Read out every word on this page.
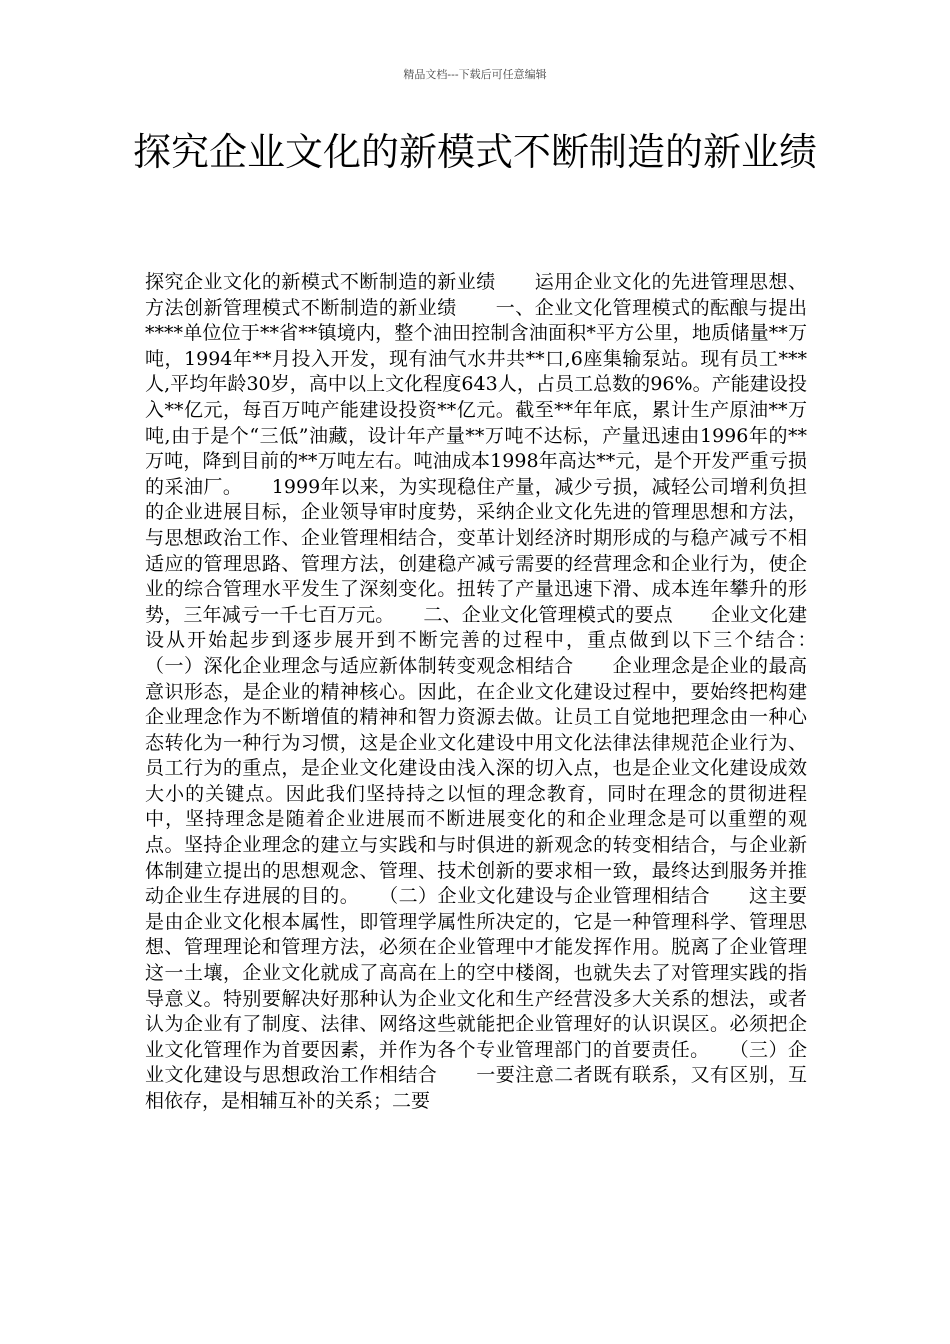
精品文档---下载后可任意编辑
探究企业文化的新模式不断制造的新业绩

探究企业文化的新模式不断制造的新业绩　　运用企业文化的先进管理思想、方法创新管理模式不断制造的新业绩　　一、企业文化管理模式的酝酿与提出　　****单位位于**省**镇境内，整个油田控制含油面积*平方公里，地质储量**万吨，1994年**月投入开发，现有油气水井共**口,6座集输泵站。现有员工***人,平均年龄30岁，高中以上文化程度643人，占员工总数的96%。产能建设投入**亿元，每百万吨产能建设投资**亿元。截至**年年底，累计生产原油**万吨,由于是个“三低”油藏，设计年产量**万吨不达标，产量迅速由1996年的**万吨，降到目前的**万吨左右。吨油成本1998年高达**元，是个开发严重亏损的采油厂。　　1999年以来，为实现稳住产量，减少亏损，减轻公司增利负担的企业进展目标，企业领导审时度势，采纳企业文化先进的管理思想和方法，与思想政治工作、企业管理相结合，变革计划经济时期形成的与稳产减亏不相适应的管理思路、管理方法，创建稳产减亏需要的经营理念和企业行为，使企业的综合管理水平发生了深刻变化。扭转了产量迅速下滑、成本连年攀升的形势，三年减亏一千七百万元。　　二、企业文化管理模式的要点　　企业文化建设从开始起步到逐步展开到不断完善的过程中，重点做到以下三个结合：　　（一）深化企业理念与适应新体制转变观念相结合　　企业理念是企业的最高意识形态，是企业的精神核心。因此，在企业文化建设过程中，要始终把构建企业理念作为不断增值的精神和智力资源去做。让员工自觉地把理念由一种心态转化为一种行为习惯，这是企业文化建设中用文化法律法律规范企业行为、员工行为的重点，是企业文化建设由浅入深的切入点，也是企业文化建设成效大小的关键点。因此我们坚持持之以恒的理念教育，同时在理念的贯彻进程中，坚持理念是随着企业进展而不断进展变化的和企业理念是可以重塑的观点。坚持企业理念的建立与实践和与时俱进的新观念的转变相结合，与企业新体制建立提出的思想观念、管理、技术创新的要求相一致，最终达到服务并推动企业生存进展的目的。　　（二）企业文化建设与企业管理相结合　　这主要是由企业文化根本属性，即管理学属性所决定的，它是一种管理科学、管理思想、管理理论和管理方法，必须在企业管理中才能发挥作用。脱离了企业管理这一土壤，企业文化就成了高高在上的空中楼阁，也就失去了对管理实践的指导意义。特别要解决好那种认为企业文化和生产经营没多大关系的想法，或者认为企业有了制度、法律、网络这些就能把企业管理好的认识误区。必须把企业文化管理作为首要因素，并作为各个专业管理部门的首要责任。　　（三）企业文化建设与思想政治工作相结合　　一要注意二者既有联系，又有区别，互相依存，是相辅互补的关系；二要
